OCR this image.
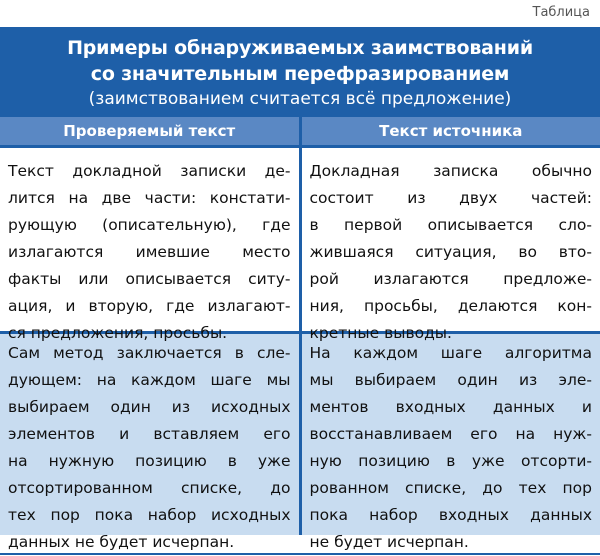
Таблица
Примеры обнаруживаемых заимствований
со значительным перефразированием
(заимствованием считается всё предложение)
Проверяемый текст	Текст источника
Текст докладной записки де-
лится на две части: констати-
рующую (описательную), где
излагаются имевшие место
факты или описывается ситу-
ация, и вторую, где излагают-
ся предложения, просьбы.
Докладная записка обычно
состоит из двух частей:
в первой описывается сло-
жившаяся ситуация, во вто-
рой излагаются предложе-
ния, просьбы, делаются кон-
кретные выводы.
Сам метод заключается в сле-
дующем: на каждом шаге мы
выбираем один из исходных
элементов и вставляем его
на нужную позицию в уже
отсортированном списке, до
тех пор пока набор исходных
данных не будет исчерпан.
На каждом шаге алгоритма
мы выбираем один из эле-
ментов входных данных и
восстанавливаем его на нуж-
ную позицию в уже отсорти-
рованном списке, до тех пор
пока набор входных данных
не будет исчерпан.
